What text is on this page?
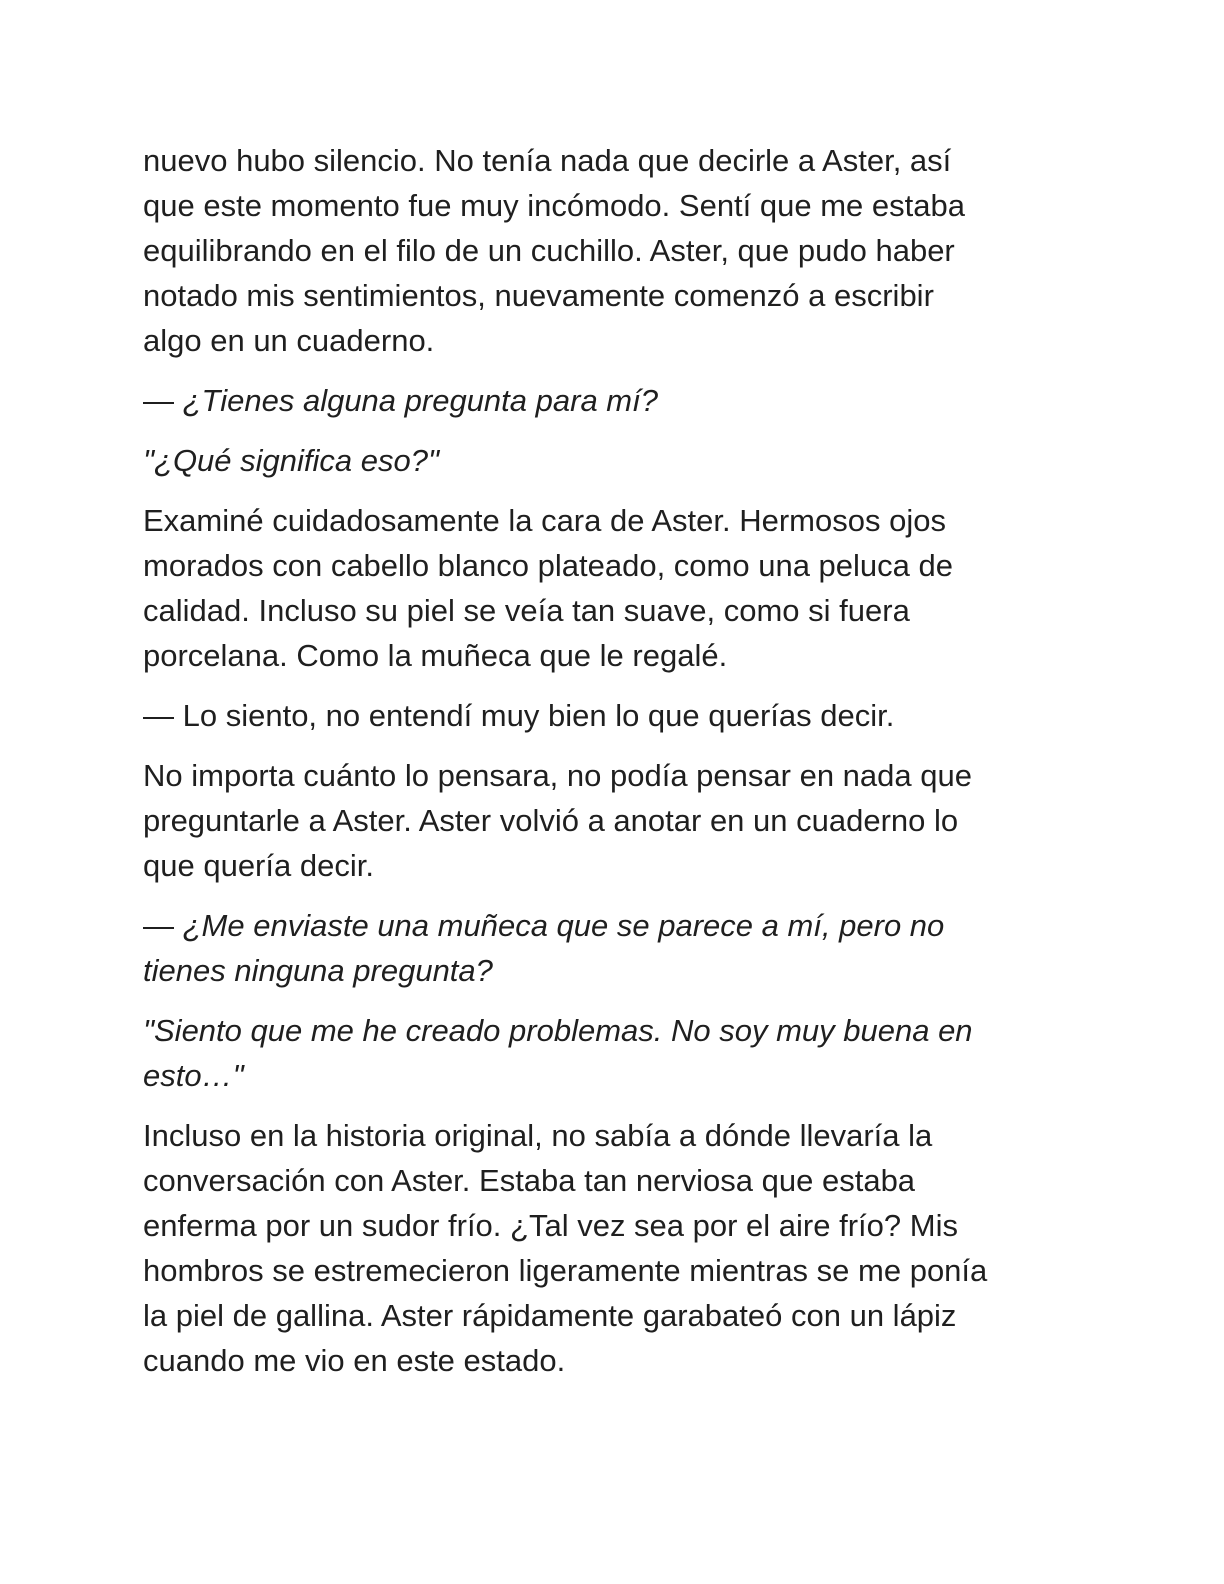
nuevo hubo silencio. No tenía nada que decirle a Aster, así
que este momento fue muy incómodo. Sentí que me estaba
equilibrando en el filo de un cuchillo. Aster, que pudo haber
notado mis sentimientos, nuevamente comenzó a escribir
algo en un cuaderno.

— ¿Tienes alguna pregunta para mí?

"¿Qué significa eso?"

Examiné cuidadosamente la cara de Aster. Hermosos ojos
morados con cabello blanco plateado, como una peluca de
calidad. Incluso su piel se veía tan suave, como si fuera
porcelana. Como la muñeca que le regalé.

— Lo siento, no entendí muy bien lo que querías decir.

No importa cuánto lo pensara, no podía pensar en nada que
preguntarle a Aster. Aster volvió a anotar en un cuaderno lo
que quería decir.

— ¿Me enviaste una muñeca que se parece a mí, pero no
tienes ninguna pregunta?

"Siento que me he creado problemas. No soy muy buena en
esto…"

Incluso en la historia original, no sabía a dónde llevaría la
conversación con Aster. Estaba tan nerviosa que estaba
enferma por un sudor frío. ¿Tal vez sea por el aire frío? Mis
hombros se estremecieron ligeramente mientras se me ponía
la piel de gallina. Aster rápidamente garabateó con un lápiz
cuando me vio en este estado.
